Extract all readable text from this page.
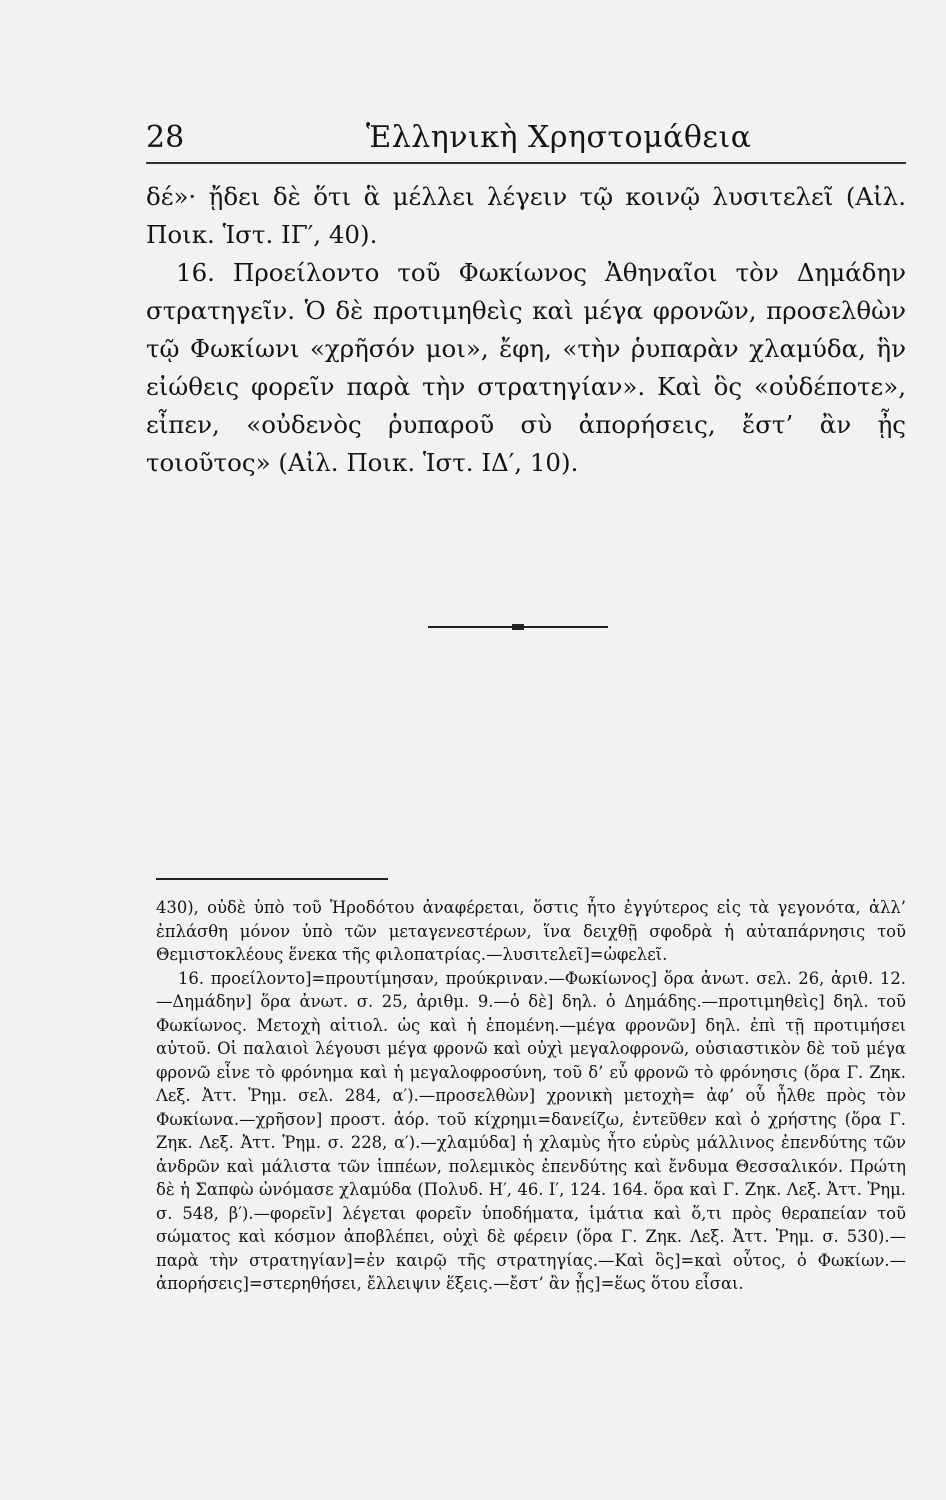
28	Ἑλληνικὴ Χρηστομάθεια

δέ»· ᾔδει δὲ ὅτι ἃ μέλλει λέγειν τῷ κοινῷ λυσιτελεῖ (Αἰλ. Ποικ. Ἱστ. ΙΓ′, 40).

16. Προείλοντο τοῦ Φωκίωνος Ἀθηναῖοι τὸν Δημάδην στρατηγεῖν. Ὁ δὲ προτιμηθεὶς καὶ μέγα φρονῶν, προσελθὼν τῷ Φωκίωνι «χρῆσόν μοι», ἔφη, «τὴν ῥυπαρὰν χλαμύδα, ἣν εἰώθεις φορεῖν παρὰ τὴν στρατηγίαν». Καὶ ὃς «οὐδέποτε», εἶπεν, «οὐδενὸς ῥυπαροῦ σὺ ἀπορήσεις, ἔστ’ ἂν ᾖς τοιοῦτος» (Αἰλ. Ποικ. Ἱστ. ΙΔ′, 10).

430), οὐδὲ ὑπὸ τοῦ Ἡροδότου ἀναφέρεται, ὅστις ἦτο ἐγγύτερος εἰς τὰ γεγονότα, ἀλλ’ ἐπλάσθη μόνον ὑπὸ τῶν μεταγενεστέρων, ἵνα δειχθῇ σφοδρὰ ἡ αὐταπάρνησις τοῦ Θεμιστοκλέους ἕνεκα τῆς φιλοπατρίας.—λυσιτελεῖ]=ὠφελεῖ.

16. προείλοντο]=προυτίμησαν, προύκριναν.—Φωκίωνος] ὅρα ἀνωτ. σελ. 26, ἀριθ. 12.—Δημάδην] ὅρα ἀνωτ. σ. 25, ἀριθμ. 9.—ὁ δὲ] δηλ. ὁ Δημάδης.—προτιμηθεὶς] δηλ. τοῦ Φωκίωνος. Μετοχὴ αἰτιολ. ὡς καὶ ἡ ἑπομένη.—μέγα φρονῶν] δηλ. ἐπὶ τῇ προτιμήσει αὐτοῦ. Οἱ παλαιοὶ λέγουσι μέγα φρονῶ καὶ οὐχὶ μεγαλοφρονῶ, οὐσιαστικὸν δὲ τοῦ μέγα φρονῶ εἶνε τὸ φρόνημα καὶ ἡ μεγαλοφροσύνη, τοῦ δ’ εὖ φρονῶ τὸ φρόνησις (ὅρα Γ. Ζηκ. Λεξ. Ἀττ. Ῥημ. σελ. 284, α′).—προσελθὼν] χρονικὴ μετοχὴ= ἀφ’ οὗ ἦλθε πρὸς τὸν Φωκίωνα.—χρῆσον] προστ. ἀόρ. τοῦ κίχρημι=δανείζω, ἐντεῦθεν καὶ ὁ χρήστης (ὅρα Γ. Ζηκ. Λεξ. Ἀττ. Ῥημ. σ. 228, α′).—χλαμύδα] ἡ χλαμὺς ἦτο εὐρὺς μάλλινος ἐπενδύτης τῶν ἀνδρῶν καὶ μάλιστα τῶν ἱππέων, πολεμικὸς ἐπενδύτης καὶ ἔνδυμα Θεσσαλικόν. Πρώτη δὲ ἡ Σαπφὼ ὠνόμασε χλαμύδα (Πολυδ. Η′, 46. Ι′, 124. 164. ὅρα καὶ Γ. Ζηκ. Λεξ. Ἀττ. Ῥημ. σ. 548, β′).—φορεῖν] λέγεται φορεῖν ὑποδήματα, ἱμάτια καὶ ὅ,τι πρὸς θεραπείαν τοῦ σώματος καὶ κόσμον ἀποβλέπει, οὐχὶ δὲ φέρειν (ὅρα Γ. Ζηκ. Λεξ. Ἀττ. Ῥημ. σ. 530).—παρὰ τὴν στρατηγίαν]=ἐν καιρῷ τῆς στρατηγίας.—Καὶ ὃς]=καὶ οὗτος, ὁ Φωκίων.—ἀπορήσεις]=στερηθήσει, ἔλλειψιν ἕξεις.—ἔστ’ ἂν ᾖς]=ἕως ὅτου εἶσαι.
